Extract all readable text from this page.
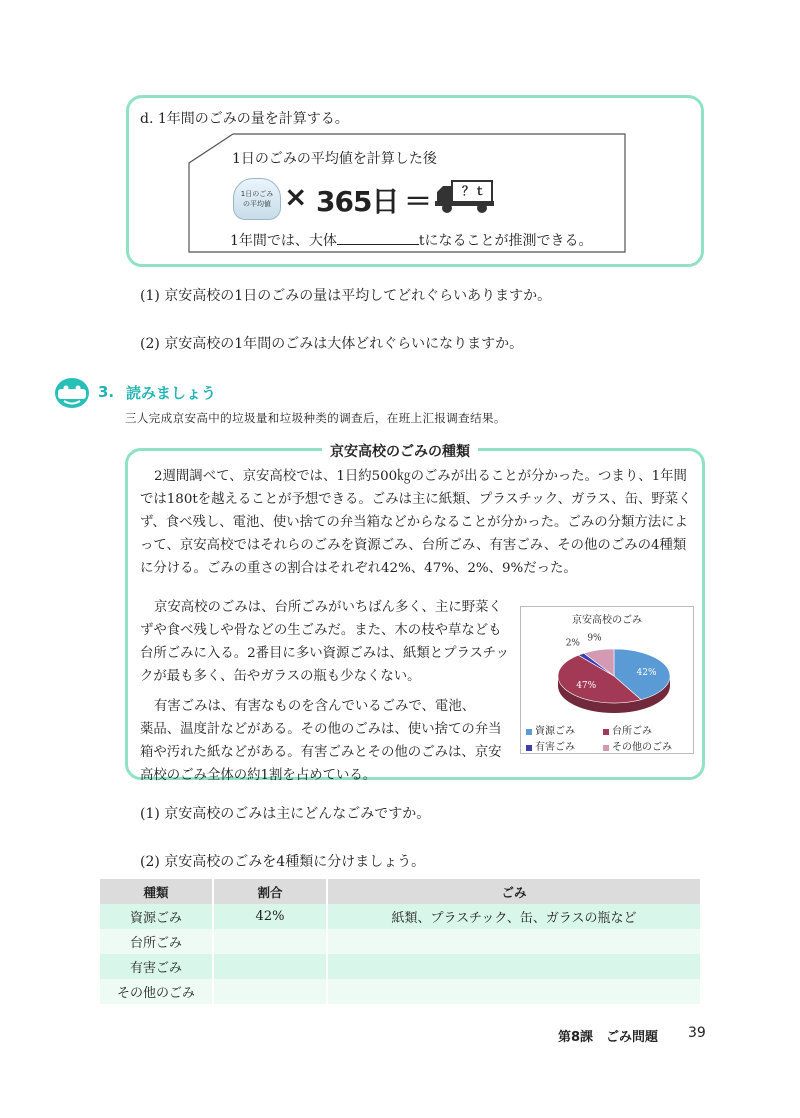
d. 1年間のごみの量を計算する。
1日のごみの平均値を計算した後
1日のごみ
の平均値 × 365日 ＝ ？ｔ
1年間では、大体	tになることが推測できる。
(1) 京安高校の1日のごみの量は平均してどれぐらいありますか。
(2) 京安高校の1年間のごみは大体どれぐらいになりますか。
3. 読みましょう
三人完成京安高中的垃圾量和垃圾种类的调查后，在班上汇报调查结果。
京安高校のごみの種類
2週間調べて、京安高校では、1日約500㎏のごみが出ることが分かった。つまり、1年間では180tを越えることが予想できる。ごみは主に紙類、プラスチック、ガラス、缶、野菜くず、食べ残し、電池、使い捨ての弁当箱などからなることが分かった。ごみの分類方法によって、京安高校ではそれらのごみを資源ごみ、台所ごみ、有害ごみ、その他のごみの4種類に分ける。ごみの重さの割合はそれぞれ42%、47%、2%、9%だった。
京安高校のごみは、台所ごみがいちばん多く、主に野菜くずや食べ残しや骨などの生ごみだ。また、木の枝や草なども台所ごみに入る。2番目に多い資源ごみは、紙類とプラスチックが最も多く、缶やガラスの瓶も少なくない。
有害ごみは、有害なものを含んでいるごみで、電池、
薬品、温度計などがある。その他のごみは、使い捨ての弁当箱や汚れた紙などがある。有害ごみとその他のごみは、京安高校のごみ全体の約1割を占めている。
京安高校のごみ
42%
47%
2%
9%
資源ごみ	台所ごみ
有害ごみ	その他のごみ
(1) 京安高校のごみは主にどんなごみですか。
(2) 京安高校のごみを4種類に分けましょう。
種類	割合	ごみ
資源ごみ	42%	紙類、プラスチック、缶、ガラスの瓶など
台所ごみ		
有害ごみ		
その他のごみ		
第8課　ごみ問題 39
